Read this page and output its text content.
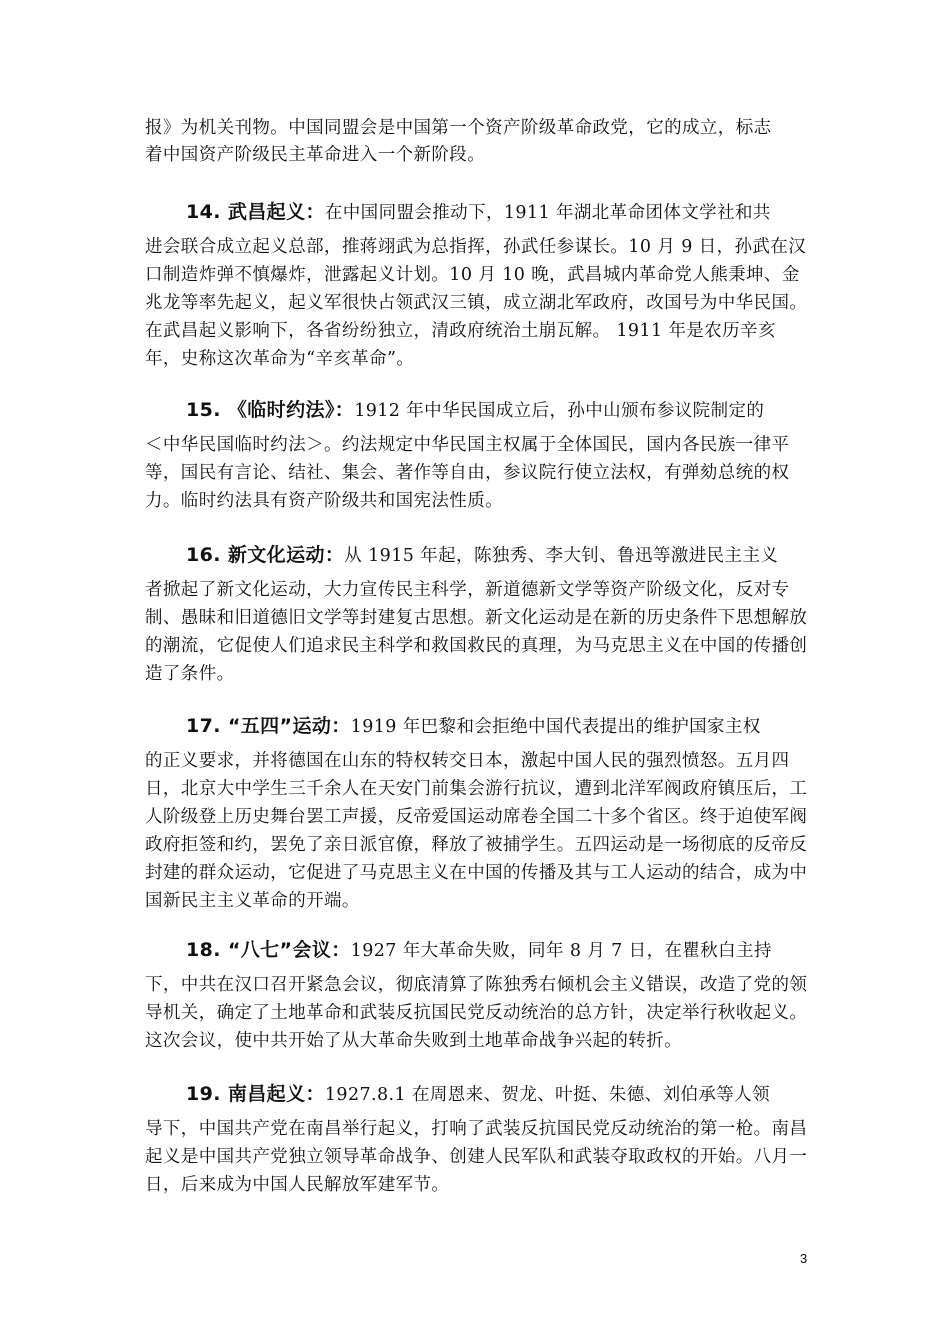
报》为机关刊物。中国同盟会是中国第一个资产阶级革命政党，它的成立，标志

着中国资产阶级民主革命进入一个新阶段。

14. 武昌起义：在中国同盟会推动下，1911 年湖北革命团体文学社和共

进会联合成立起义总部，推蒋翊武为总指挥，孙武任参谋长。10 月 9 日，孙武在汉口制造炸弹不慎爆炸，泄露起义计划。10 月 10 晚，武昌城内革命党人熊秉坤、金兆龙等率先起义，起义军很快占领武汉三镇，成立湖北军政府，改国号为中华民国。在武昌起义影响下，各省纷纷独立，清政府统治土崩瓦解。 1911 年是农历辛亥年，史称这次革命为“辛亥革命”。

15. 《临时约法》：1912 年中华民国成立后，孙中山颁布参议院制定的

＜中华民国临时约法＞。约法规定中华民国主权属于全体国民，国内各民族一律平等，国民有言论、结社、集会、著作等自由，参议院行使立法权，有弹劾总统的权力。临时约法具有资产阶级共和国宪法性质。

16. 新文化运动：从 1915 年起，陈独秀、李大钊、鲁迅等激进民主主义

者掀起了新文化运动，大力宣传民主科学，新道德新文学等资产阶级文化，反对专制、愚昧和旧道德旧文学等封建复古思想。新文化运动是在新的历史条件下思想解放的潮流，它促使人们追求民主科学和救国救民的真理，为马克思主义在中国的传播创造了条件。

17. “五四”运动：1919 年巴黎和会拒绝中国代表提出的维护国家主权

的正义要求，并将德国在山东的特权转交日本，激起中国人民的强烈愤怒。五月四日，北京大中学生三千余人在天安门前集会游行抗议，遭到北洋军阀政府镇压后，工人阶级登上历史舞台罢工声援，反帝爱国运动席卷全国二十多个省区。终于迫使军阀政府拒签和约，罢免了亲日派官僚，释放了被捕学生。五四运动是一场彻底的反帝反封建的群众运动，它促进了马克思主义在中国的传播及其与工人运动的结合，成为中国新民主主义革命的开端。

18. “八七”会议：1927 年大革命失败，同年 8 月 7 日，在瞿秋白主持

下，中共在汉口召开紧急会议，彻底清算了陈独秀右倾机会主义错误，改造了党的领导机关，确定了土地革命和武装反抗国民党反动统治的总方针，决定举行秋收起义。这次会议，使中共开始了从大革命失败到土地革命战争兴起的转折。

19. 南昌起义：1927.8.1 在周恩来、贺龙、叶挺、朱德、刘伯承等人领

导下，中国共产党在南昌举行起义，打响了武装反抗国民党反动统治的第一枪。南昌起义是中国共产党独立领导革命战争、创建人民军队和武装夺取政权的开始。八月一日，后来成为中国人民解放军建军节。

3
